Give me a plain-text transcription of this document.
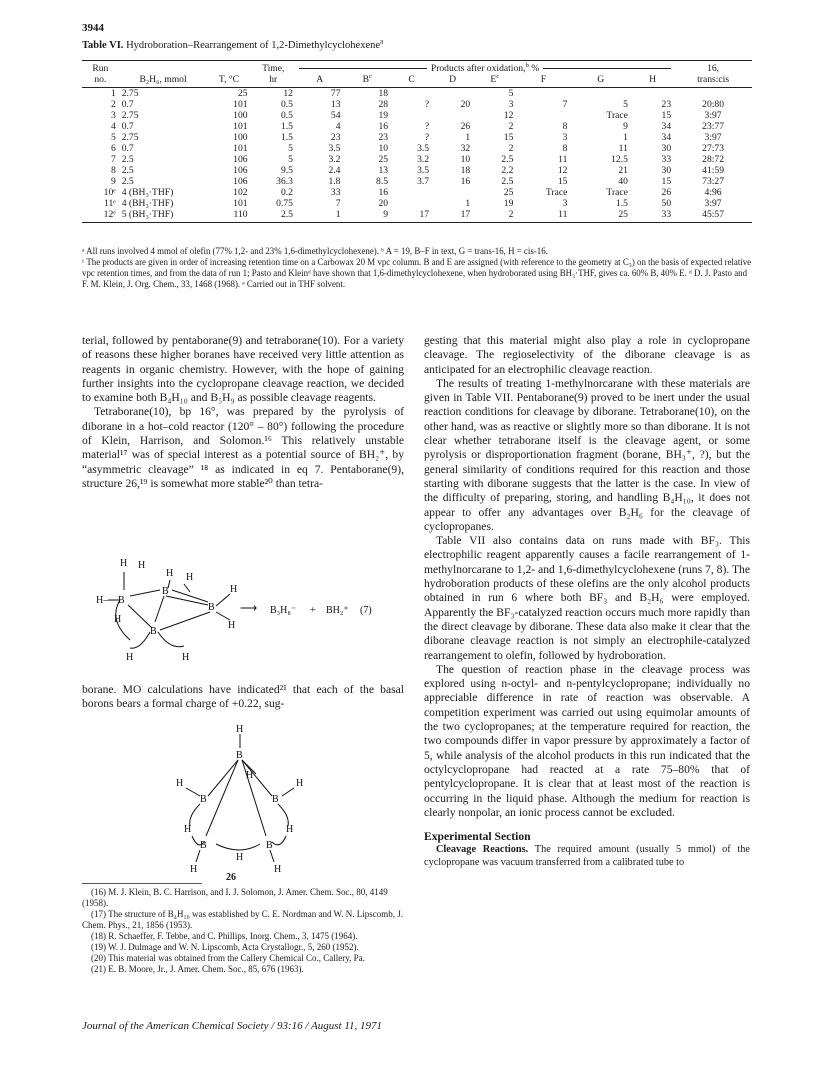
3944
Table VI. Hydroboration–Rearrangement of 1,2-Dimethylcyclohexene$^a$
Run			Time,	Products after oxidation,$^b$ %								16,
no.	B₂H₆, mmol	T, °C	hr	A	$B^c$	C	D	$E^c$	F	G	H	trans:cis
1	2.75	25	12	77	18			5				
2	0.7	101	0.5	13	28	?	20	3	7	5	23	20:80
3	2.75	100	0.5	54	19			12		Trace	15	3:97
4	0.7	101	1.5	4	16	?	26	2	8	9	34	23:77
5	2.75	100	1.5	23	23	?	1	15	3	1	34	3:97
6	0.7	101	5	3.5	10	3.5	32	2	8	11	30	27:73
7	2.5	106	5	3.2	25	3.2	10	2.5	11	12.5	33	28:72
8	2.5	106	9.5	2.4	13	3.5	18	2.2	12	21	30	41:59
9	2.5	106	36.3	1.8	8.5	3.7	16	2.5	15	40	15	73:27
10ᵉ	4 (BH₃·THF)	102	0.2	33	16			25	Trace	Trace	26	4:96
11ᵉ	4 (BH₃·THF)	101	0.75	7	20		1	19	3	1.5	50	3:97
12ᵉ	5 (BH₃·THF)	110	2.5	1	9	17	17	2	11	25	33	45:57
ᵃ All runs involved 4 mmol of olefin (77% 1,2- and 23% 1,6-dimethylcyclohexene). ᵇ A = 19, B–F in text, G = trans-16, H = cis-16.
ᶜ The products are given in order of increasing retention time on a Carbowax 20 M vpc column. B and E are assigned (with reference to the geometry at C₃) on the basis of expected relative vpc retention times, and from the data of run 1; Pasto and Kleinᵈ have shown that 1,6-dimethylcyclohexene, when hydroborated using BH₃·THF, gives ca. 60% B, 40% E. ᵈ D. J. Pasto and F. M. Klein, J. Org. Chem., 33, 1468 (1968). ᵉ Carried out in THF solvent.

terial, followed by pentaborane(9) and tetraborane(10). For a variety of reasons these higher boranes have received very little attention as reagents in organic chemistry. However, with the hope of gaining further insights into the cyclopropane cleavage reaction, we decided to examine both B₄H₁₀ and B₅H₉ as possible cleavage reagents.

Tetraborane(10), bp 16°, was prepared by the pyrolysis of diborane in a hot–cold reactor (120° – 80°) following the procedure of Klein, Harrison, and Solomon.¹⁶ This relatively unstable material¹⁷ was of special interest as a potential source of BH₂⁺, by “asymmetric cleavage” ¹⁸ as indicated in eq 7. Pentaborane(9), structure 26,¹⁹ is somewhat more stable²⁰ than tetra-

H H
H— B
H H
B
B
H
H
H
B
H	H
⟶ B₃H₈⁻ + BH₂⁺ (7)

borane. MO calculations have indicated²¹ that each of the basal borons bears a formal charge of +0.22, sug-

H
B
H
H
B	B
H
H	H
B	B
H
H	H
26

(16) M. J. Klein, B. C. Harrison, and I. J. Solomon, J. Amer. Chem. Soc., 80, 4149 (1958).

(17) The structure of B₄H₁₀ was established by C. E. Nordman and W. N. Lipscomb, J. Chem. Phys., 21, 1856 (1953).

(18) R. Schaeffer, F. Tebbe, and C. Phillips, Inorg. Chem., 3, 1475 (1964).

(19) W. J. Dulmage and W. N. Lipscomb, Acta Crystallogr., 5, 260 (1952).

(20) This material was obtained from the Callery Chemical Co., Callery, Pa.

(21) E. B. Moore, Jr., J. Amer. Chem. Soc., 85, 676 (1963).

gesting that this material might also play a role in cyclopropane cleavage. The regioselectivity of the diborane cleavage is as anticipated for an electrophilic cleavage reaction.

The results of treating 1-methylnorcarane with these materials are given in Table VII. Pentaborane(9) proved to be inert under the usual reaction conditions for cleavage by diborane. Tetraborane(10), on the other hand, was as reactive or slightly more so than diborane. It is not clear whether tetraborane itself is the cleavage agent, or some pyrolysis or disproportionation fragment (borane, BH₃⁺, ?), but the general similarity of conditions required for this reaction and those starting with diborane suggests that the latter is the case. In view of the difficulty of preparing, storing, and handling B₄H₁₀, it does not appear to offer any advantages over B₂H₆ for the cleavage of cyclopropanes.

Table VII also contains data on runs made with BF₃. This electrophilic reagent apparently causes a facile rearrangement of 1-methylnorcarane to 1,2- and 1,6-dimethylcyclohexene (runs 7, 8). The hydroboration products of these olefins are the only alcohol products obtained in run 6 where both BF₃ and B₂H₆ were employed. Apparently the BF₃-catalyzed reaction occurs much more rapidly than the direct cleavage by diborane. These data also make it clear that the diborane cleavage reaction is not simply an electrophile-catalyzed rearrangement to olefin, followed by hydroboration.

The question of reaction phase in the cleavage process was explored using n-octyl- and n-pentylcyclopropane; individually no appreciable difference in rate of reaction was observable. A competition experiment was carried out using equimolar amounts of the two cyclopropanes; at the temperature required for reaction, the two compounds differ in vapor pressure by approximately a factor of 5, while analysis of the alcohol products in this run indicated that the octylcyclopropane had reacted at a rate 75–80% that of pentylcyclopropane. It is clear that at least most of the reaction is occurring in the liquid phase. Although the medium for reaction is clearly nonpolar, an ionic process cannot be excluded.

Experimental Section

Cleavage Reactions. The required amount (usually 5 mmol) of the cyclopropane was vacuum transferred from a calibrated tube to

Journal of the American Chemical Society / 93:16 / August 11, 1971
